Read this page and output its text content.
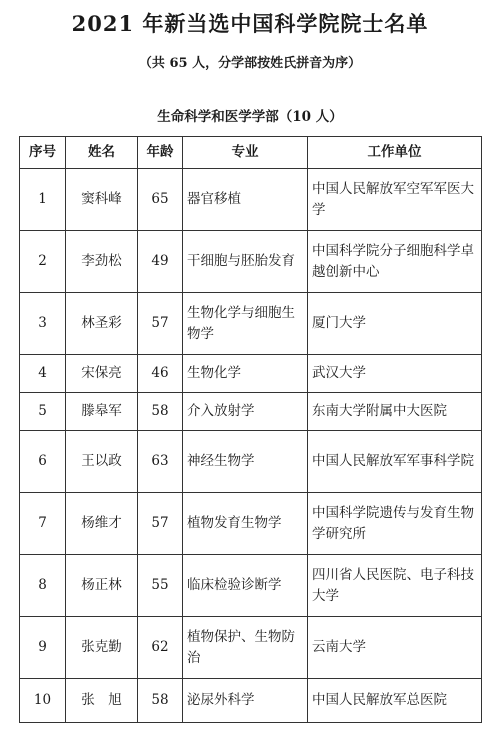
2021 年新当选中国科学院院士名单
（共 65 人，分学部按姓氏拼音为序）
生命科学和医学学部（10 人）
序号	姓名	年龄	专业	工作单位
1	窦科峰	65	器官移植	中国人民解放军空军军医大学
2	李劲松	49	干细胞与胚胎发育	中国科学院分子细胞科学卓越创新中心
3	林圣彩	57	生物化学与细胞生物学	厦门大学
4	宋保亮	46	生物化学	武汉大学
5	滕皋军	58	介入放射学	东南大学附属中大医院
6	王以政	63	神经生物学	中国人民解放军军事科学院
7	杨维才	57	植物发育生物学	中国科学院遗传与发育生物学研究所
8	杨正林	55	临床检验诊断学	四川省人民医院、电子科技大学
9	张克勤	62	植物保护、生物防治	云南大学
10	张　旭	58	泌尿外科学	中国人民解放军总医院
